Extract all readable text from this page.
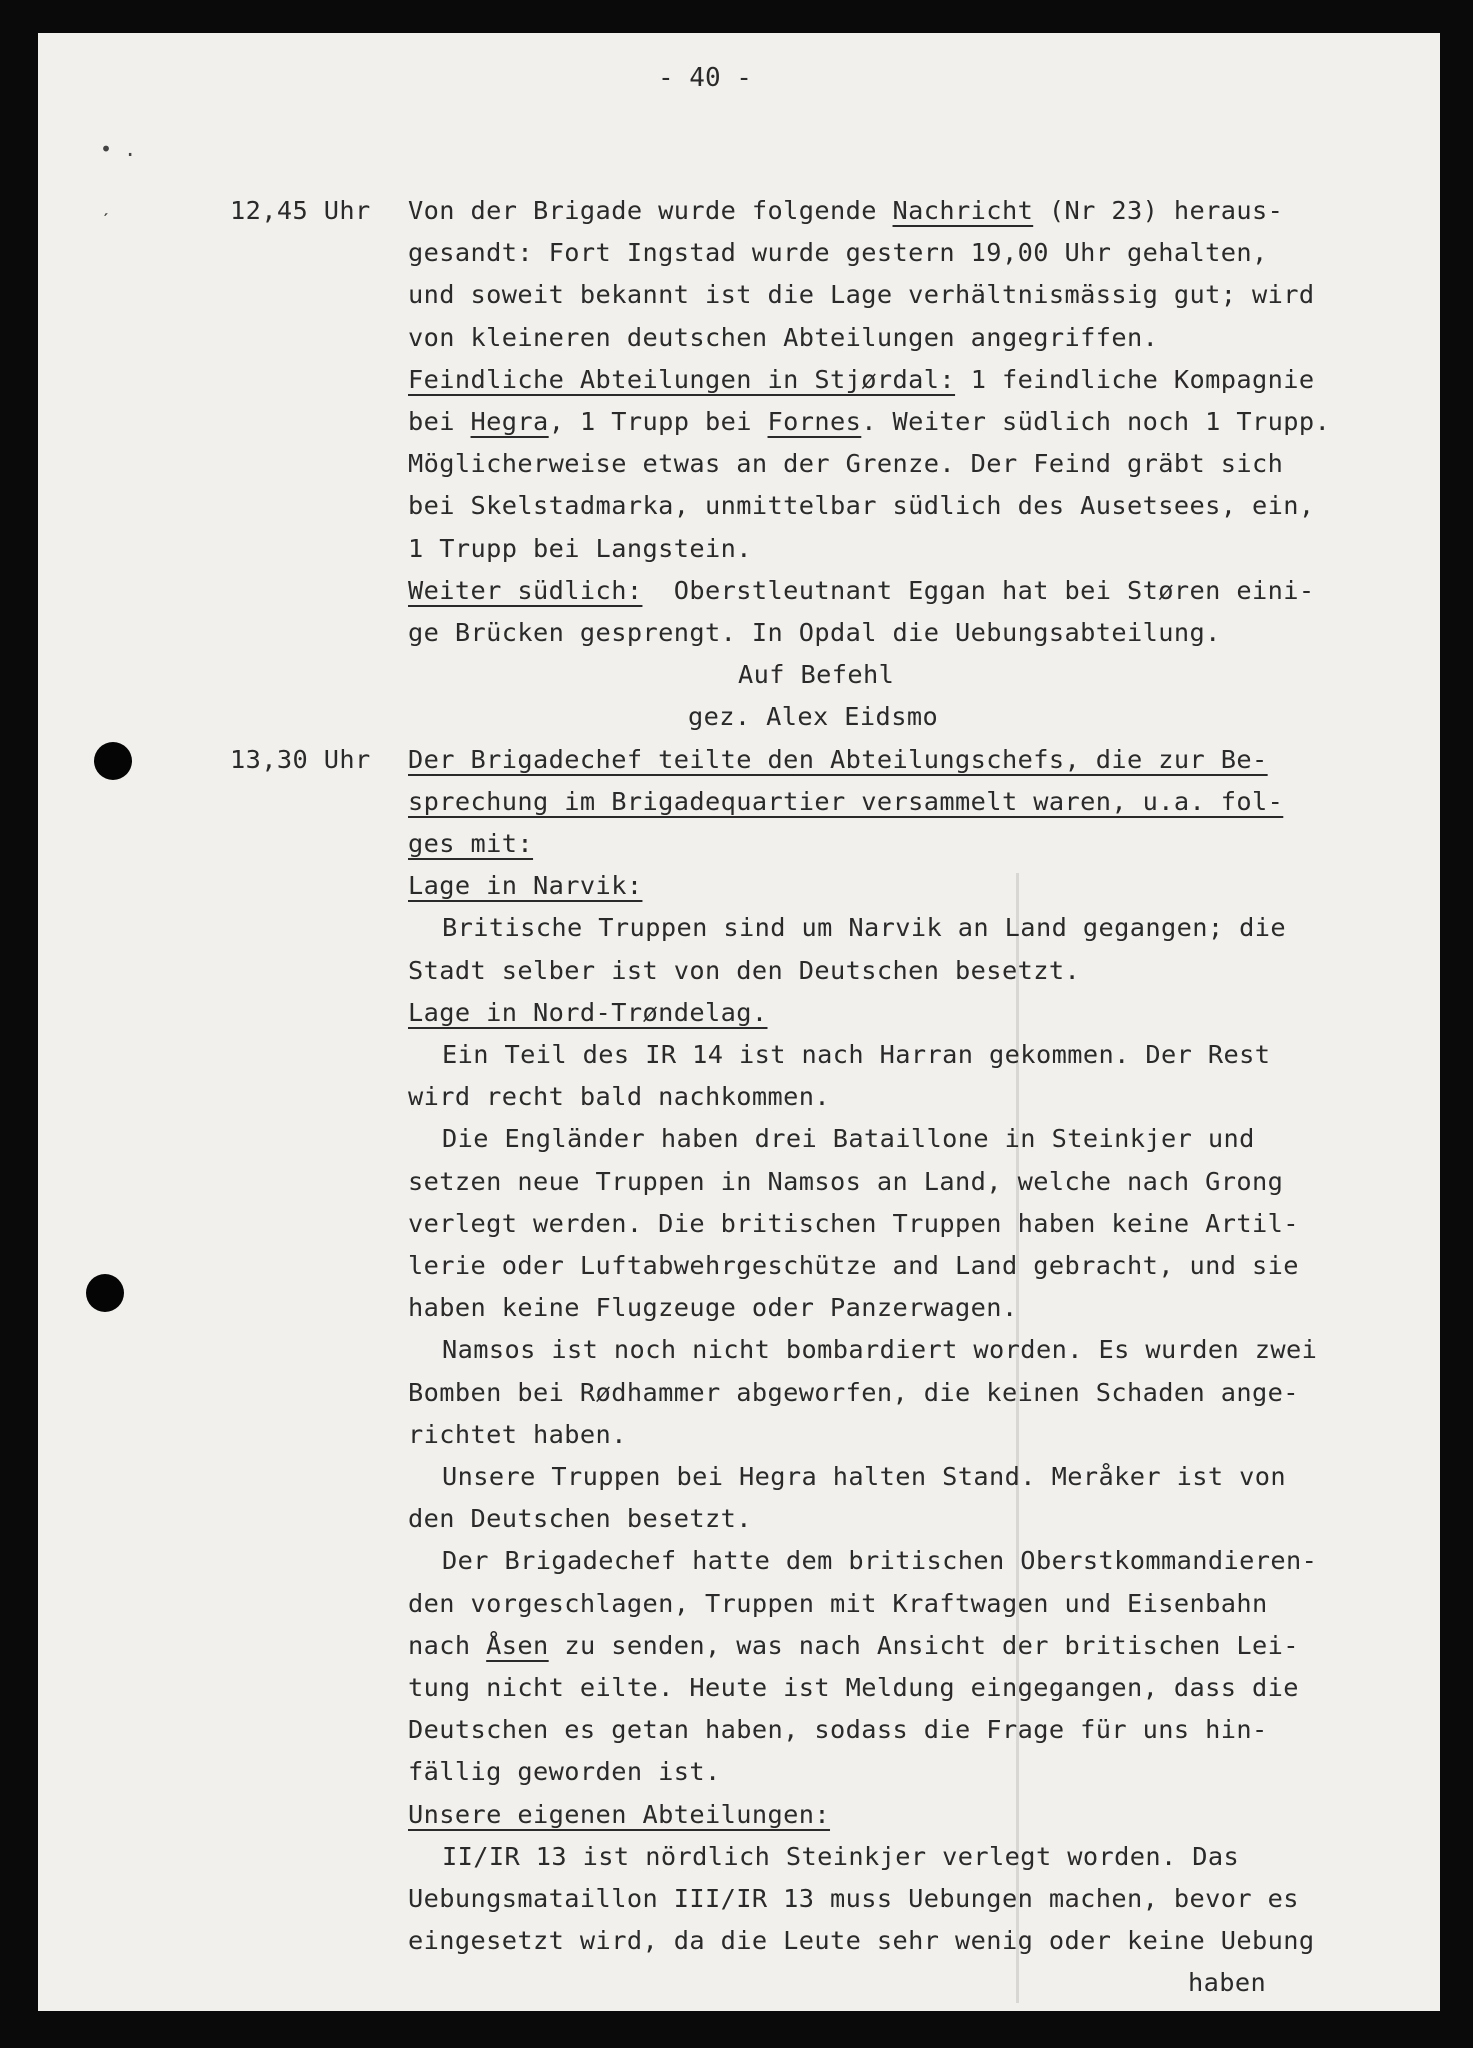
- 40 -
• .
ˊ	12,45 Uhr Von der Brigade wurde folgende Nachricht (Nr 23) heraus-
gesandt: Fort Ingstad wurde gestern 19,00 Uhr gehalten,
und soweit bekannt ist die Lage verhältnismässig gut; wird
von kleineren deutschen Abteilungen angegriffen.
Feindliche Abteilungen in Stjørdal: 1 feindliche Kompagnie
bei Hegra, 1 Trupp bei Fornes. Weiter südlich noch 1 Trupp.
Möglicherweise etwas an der Grenze. Der Feind gräbt sich
bei Skelstadmarka, unmittelbar südlich des Ausetsees, ein,
1 Trupp bei Langstein.
Weiter südlich:  Oberstleutnant Eggan hat bei Støren eini-
ge Brücken gesprengt. In Opdal die Uebungsabteilung.
Auf Befehl
gez. Alex Eidsmo
13,30 Uhr Der Brigadechef teilte den Abteilungschefs, die zur Be-
sprechung im Brigadequartier versammelt waren, u.a. fol-
ges mit:
Lage in Narvik:
Britische Truppen sind um Narvik an Land gegangen; die
Stadt selber ist von den Deutschen besetzt.
Lage in Nord-Trøndelag.
Ein Teil des IR 14 ist nach Harran gekommen. Der Rest
wird recht bald nachkommen.
Die Engländer haben drei Bataillone in Steinkjer und
setzen neue Truppen in Namsos an Land, welche nach Grong
verlegt werden. Die britischen Truppen haben keine Artil-
lerie oder Luftabwehrgeschütze and Land gebracht, und sie
haben keine Flugzeuge oder Panzerwagen.
Namsos ist noch nicht bombardiert worden. Es wurden zwei
Bomben bei Rødhammer abgeworfen, die keinen Schaden ange-
richtet haben.
Unsere Truppen bei Hegra halten Stand. Meråker ist von
den Deutschen besetzt.
Der Brigadechef hatte dem britischen Oberstkommandieren-
den vorgeschlagen, Truppen mit Kraftwagen und Eisenbahn
nach Åsen zu senden, was nach Ansicht der britischen Lei-
tung nicht eilte. Heute ist Meldung eingegangen, dass die
Deutschen es getan haben, sodass die Frage für uns hin-
fällig geworden ist.
Unsere eigenen Abteilungen:
II/IR 13 ist nördlich Steinkjer verlegt worden. Das
Uebungsmataillon III/IR 13 muss Uebungen machen, bevor es
eingesetzt wird, da die Leute sehr wenig oder keine Uebung
haben
